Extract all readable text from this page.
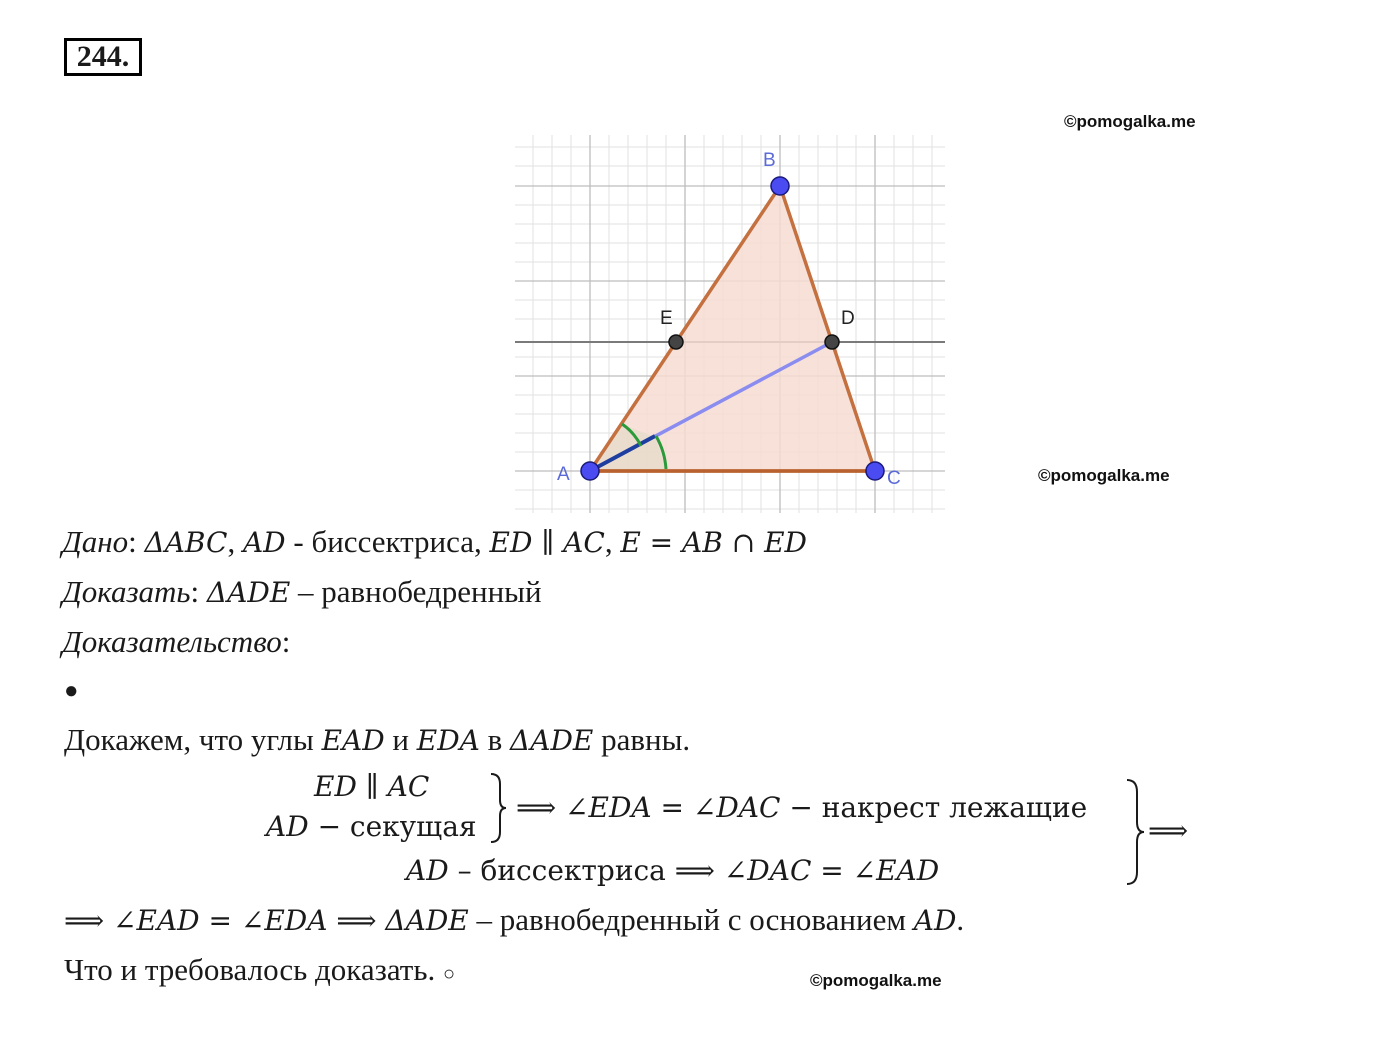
244.
©pomogalka.me
©pomogalka.me
©pomogalka.me
A
B
C
E	D
Дано: ΔABC, AD - биссектриса, ED ∥ AC, E = AB ∩ ED
Доказать: ΔADE – равнобедренный
Доказательство:
●
Докажем, что углы EAD и EDA в ΔADE равны.
ED ∥ AC
AD − секущая
⟹ ∠EDA = ∠DAC − накрест лежащие
AD – биссектриса ⟹ ∠DAC = ∠EAD
⟹
⟹ ∠EAD = ∠EDA ⟹ ΔADE – равнобедренный с основанием AD.
Что и требовалось доказать. ○
